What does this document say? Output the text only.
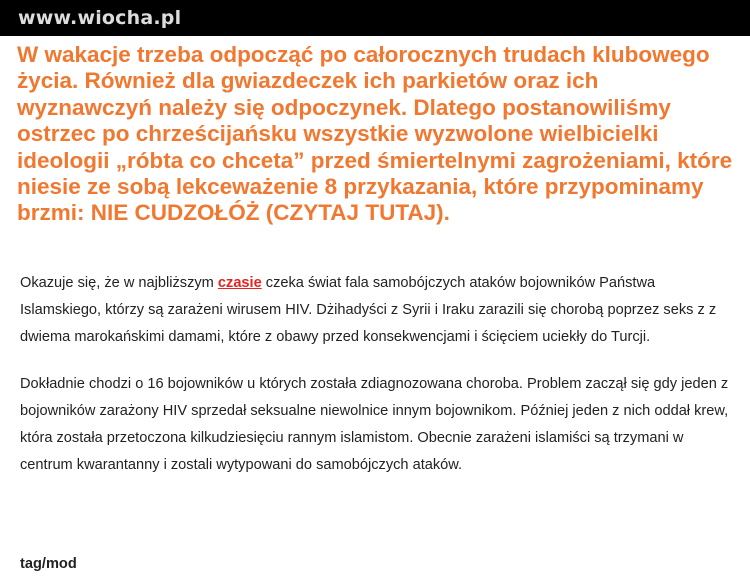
www.wiocha.pl
W wakacje trzeba odpocząć po całorocznych trudach klubowego życia. Również dla gwiazdeczek ich parkietów oraz ich wyznawczyń należy się odpoczynek. Dlatego postanowiliśmy ostrzec po chrześcijańsku wszystkie wyzwolone wielbicielki ideologii „róbta co chceta” przed śmiertelnymi zagrożeniami, które niesie ze sobą lekceważenie 8 przykazania, które przypominamy brzmi: NIE CUDZOŁÓŻ (CZYTAJ TUTAJ).

Okazuje się, że w najbliższym czasie czeka świat fala samobójczych ataków bojowników Państwa Islamskiego, którzy są zarażeni wirusem HIV. Dżihadyści z Syrii i Iraku zarazili się chorobą poprzez seks z z dwiema marokańskimi damami, które z obawy przed konsekwencjami i ścięciem uciekły do Turcji.

Dokładnie chodzi o 16 bojowników u których została zdiagnozowana choroba. Problem zaczął się gdy jeden z bojowników zarażony HIV sprzedał seksualne niewolnice innym bojownikom. Później jeden z nich oddał krew, która została przetoczona kilkudziesięciu rannym islamistom. Obecnie zarażeni islamiści są trzymani w centrum kwarantanny i zostali wytypowani do samobójczych ataków.

tag/mod
